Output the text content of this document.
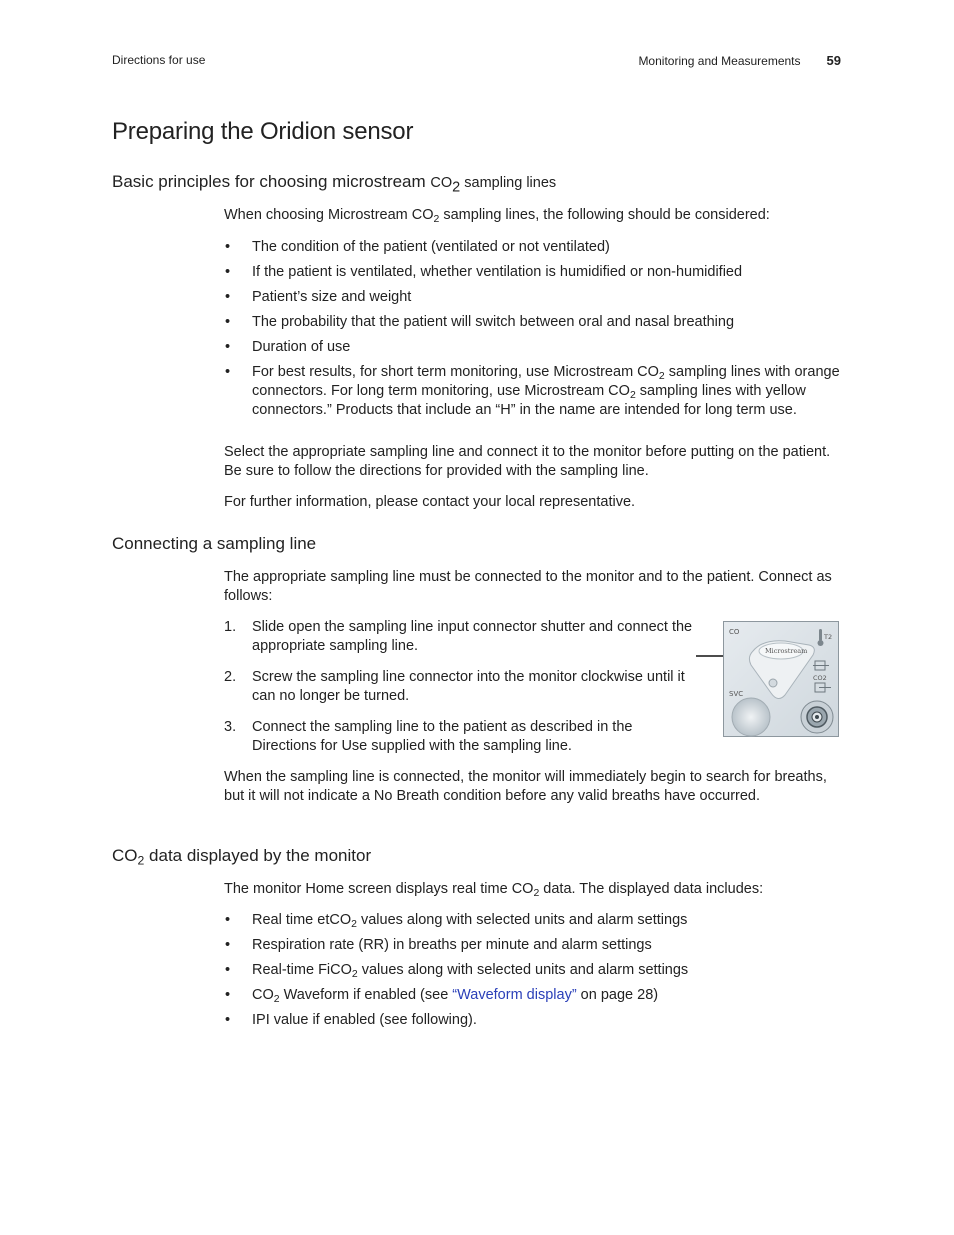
Directions for use	Monitoring and Measurements 59
Preparing the Oridion sensor
Basic principles for choosing microstream $CO_2$ sampling lines

When choosing Microstream $CO_2$ sampling lines, the following should be considered:

• The condition of the patient (ventilated or not ventilated)
• If the patient is ventilated, whether ventilation is humidified or non-humidified
• Patient’s size and weight
• The probability that the patient will switch between oral and nasal breathing
• Duration of use
• For best results, for short term monitoring, use Microstream $CO_2$ sampling lines with orange connectors. For long term monitoring, use Microstream $CO_2$ sampling lines with yellow connectors.” Products that include an “H” in the name are intended for long term use.

Select the appropriate sampling line and connect it to the monitor before putting on the patient. Be sure to follow the directions for provided with the sampling line.

For further information, please contact your local representative.

Connecting a sampling line

The appropriate sampling line must be connected to the monitor and to the patient. Connect as follows:

1. Slide open the sampling line input connector shutter and connect the appropriate sampling line.
2. Screw the sampling line connector into the monitor clockwise until it can no longer be turned.
3. Connect the sampling line to the patient as described in the Directions for Use supplied with the sampling line.
Microstream
CO
T2
CO2
SVC

When the sampling line is connected, the monitor will immediately begin to search for breaths, but it will not indicate a No Breath condition before any valid breaths have occurred.

$CO_2$ data displayed by the monitor

The monitor Home screen displays real time $CO_2$ data. The displayed data includes:

• Real time etCO$_2$ values along with selected units and alarm settings
• Respiration rate (RR) in breaths per minute and alarm settings
• Real-time FiCO$_2$ values along with selected units and alarm settings
• $CO_2$ Waveform if enabled (see “Waveform display” on page 28)
• IPI value if enabled (see following).
